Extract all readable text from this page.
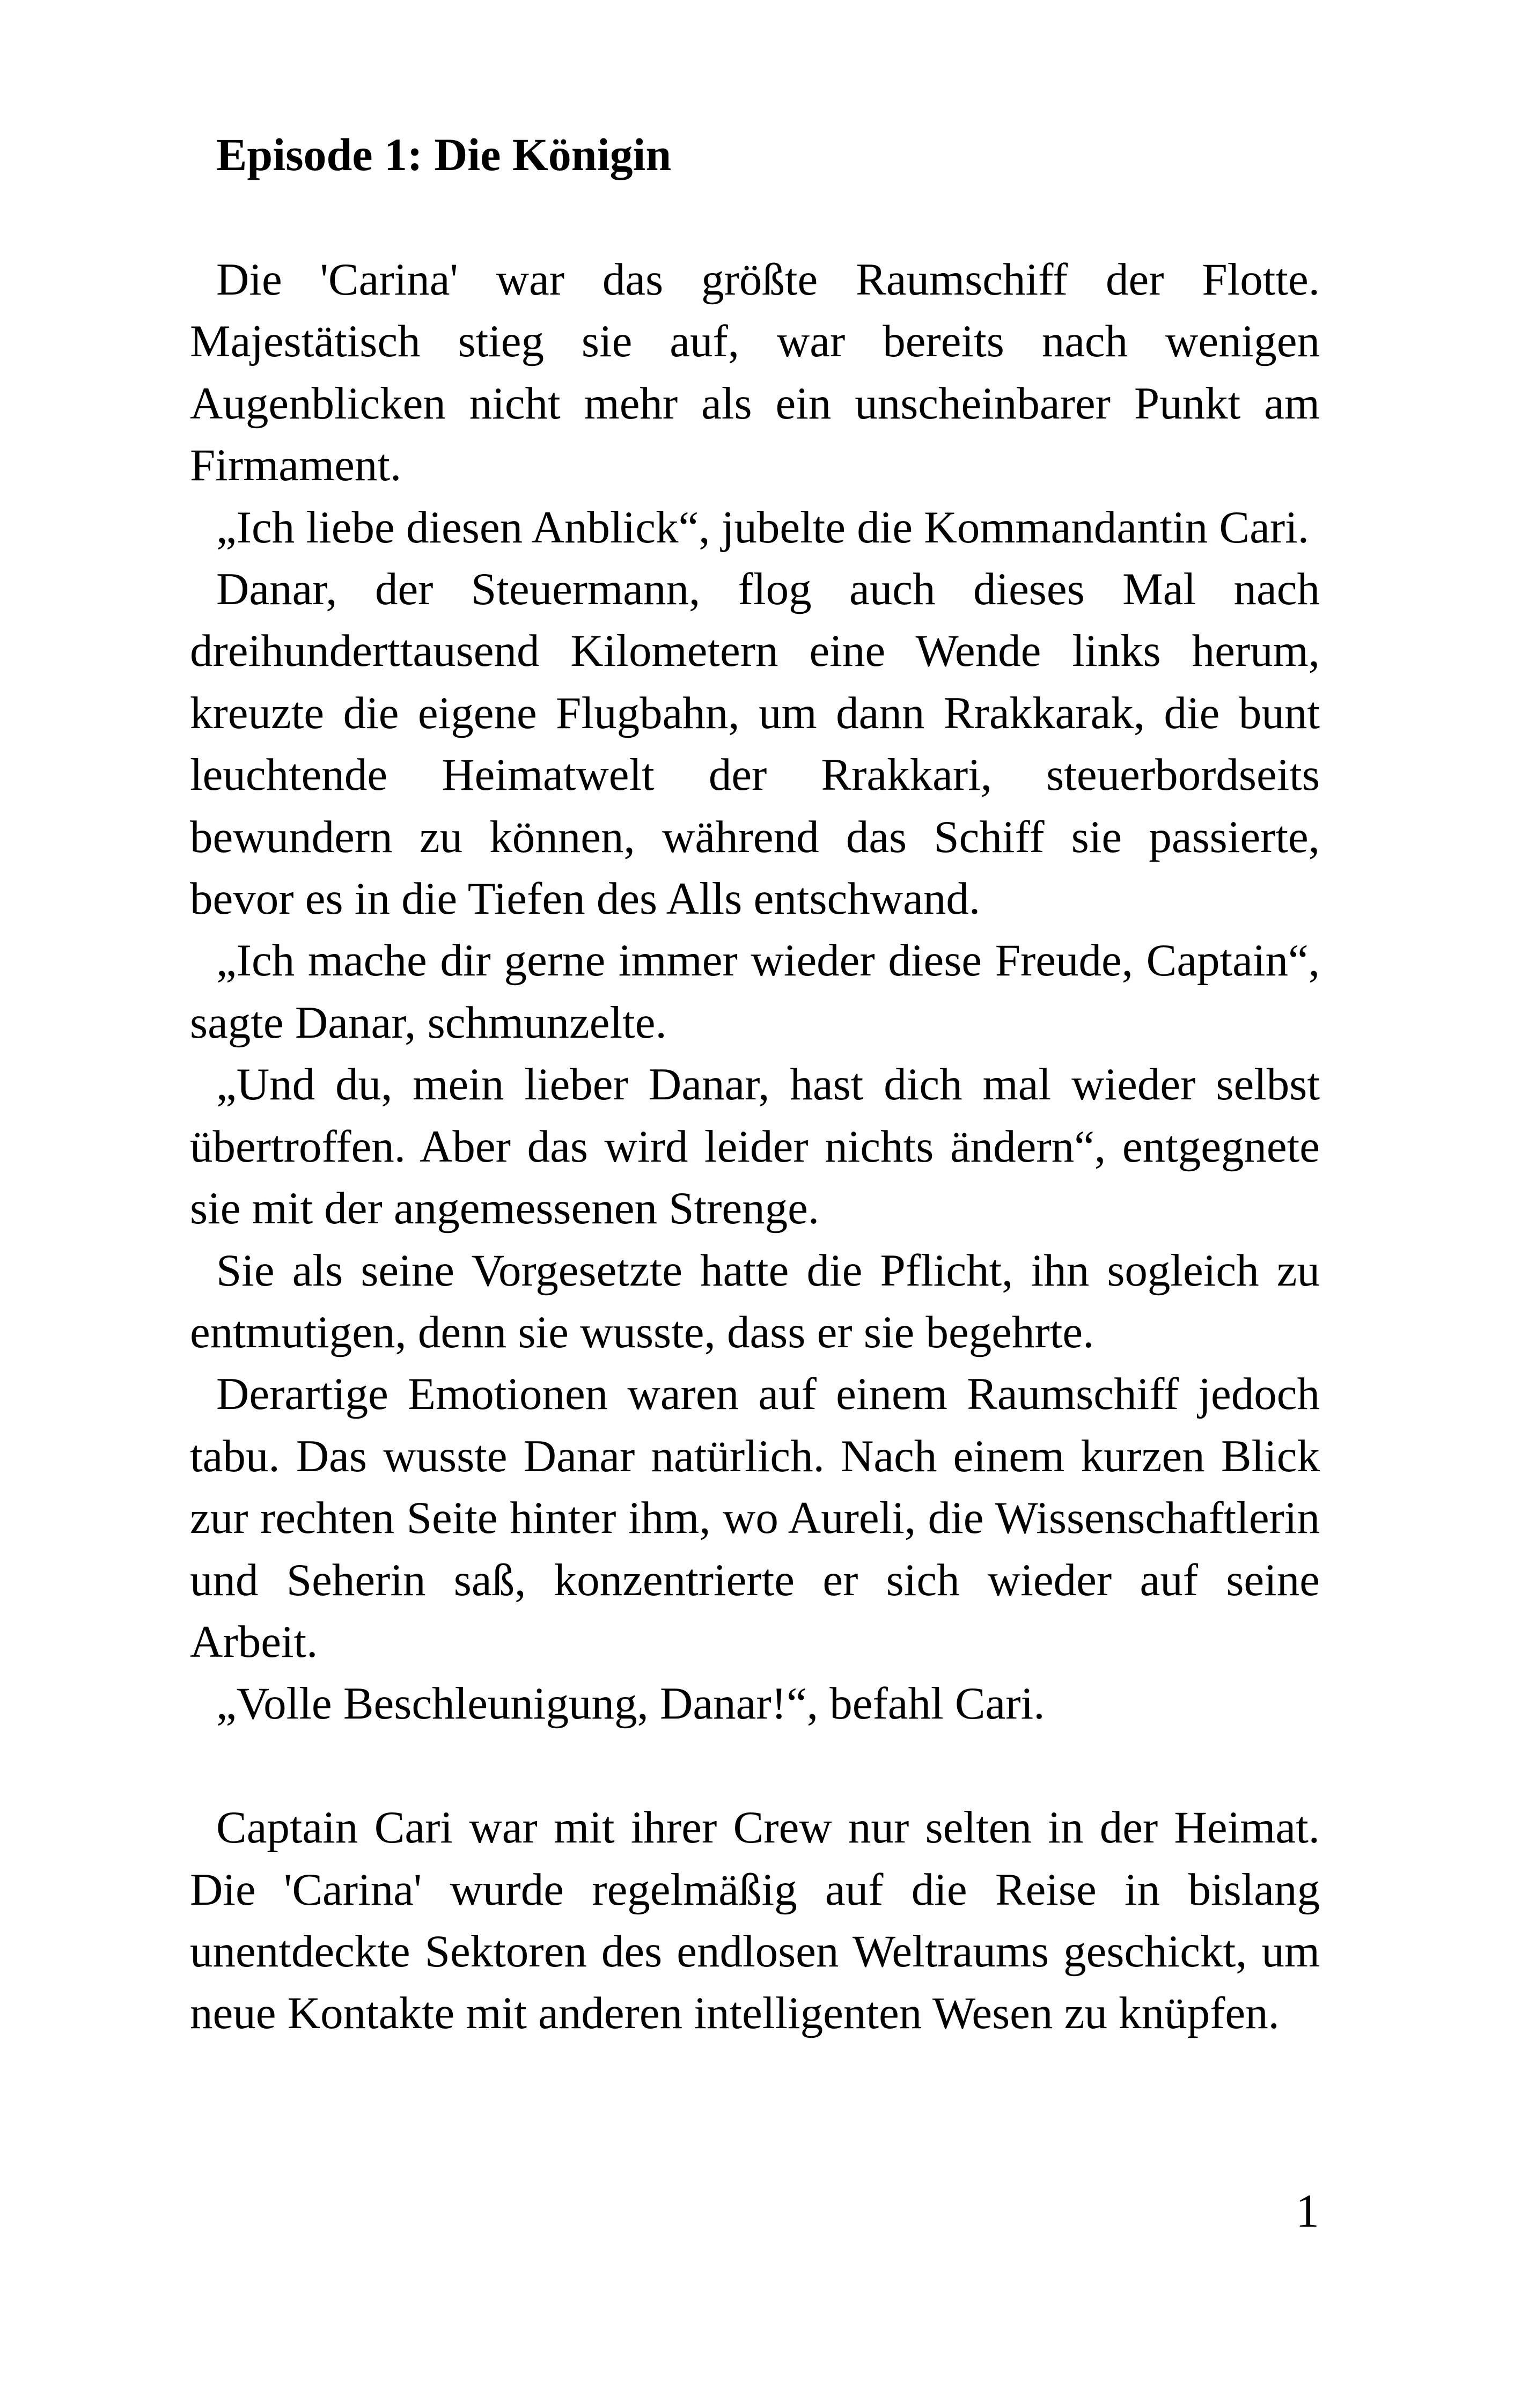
Episode 1: Die Königin

Die 'Carina' war das größte Raumschiff der Flotte. Majestätisch stieg sie auf, war bereits nach wenigen Augenblicken nicht mehr als ein unscheinbarer Punkt am Firmament.

„Ich liebe diesen Anblick“, jubelte die Kommandantin Cari.

Danar, der Steuermann, flog auch dieses Mal nach dreihunderttausend Kilometern eine Wende links herum, kreuzte die eigene Flugbahn, um dann Rrakkarak, die bunt leuchtende Heimatwelt der Rrakkari, steuerbordseits bewundern zu können, während das Schiff sie passierte, bevor es in die Tiefen des Alls entschwand.

„Ich mache dir gerne immer wieder diese Freude, Captain“, sagte Danar, schmunzelte.

„Und du, mein lieber Danar, hast dich mal wieder selbst übertroffen. Aber das wird leider nichts ändern“, entgegnete sie mit der angemessenen Strenge.

Sie als seine Vorgesetzte hatte die Pflicht, ihn sogleich zu entmutigen, denn sie wusste, dass er sie begehrte.

Derartige Emotionen waren auf einem Raumschiff jedoch tabu. Das wusste Danar natürlich. Nach einem kurzen Blick zur rechten Seite hinter ihm, wo Aureli, die Wissenschaftlerin und Seherin saß, konzentrierte er sich wieder auf seine Arbeit.

„Volle Beschleunigung, Danar!“, befahl Cari.

Captain Cari war mit ihrer Crew nur selten in der Heimat. Die 'Carina' wurde regelmäßig auf die Reise in bislang unentdeckte Sektoren des endlosen Weltraums geschickt, um neue Kontakte mit anderen intelligenten Wesen zu knüpfen.

1
